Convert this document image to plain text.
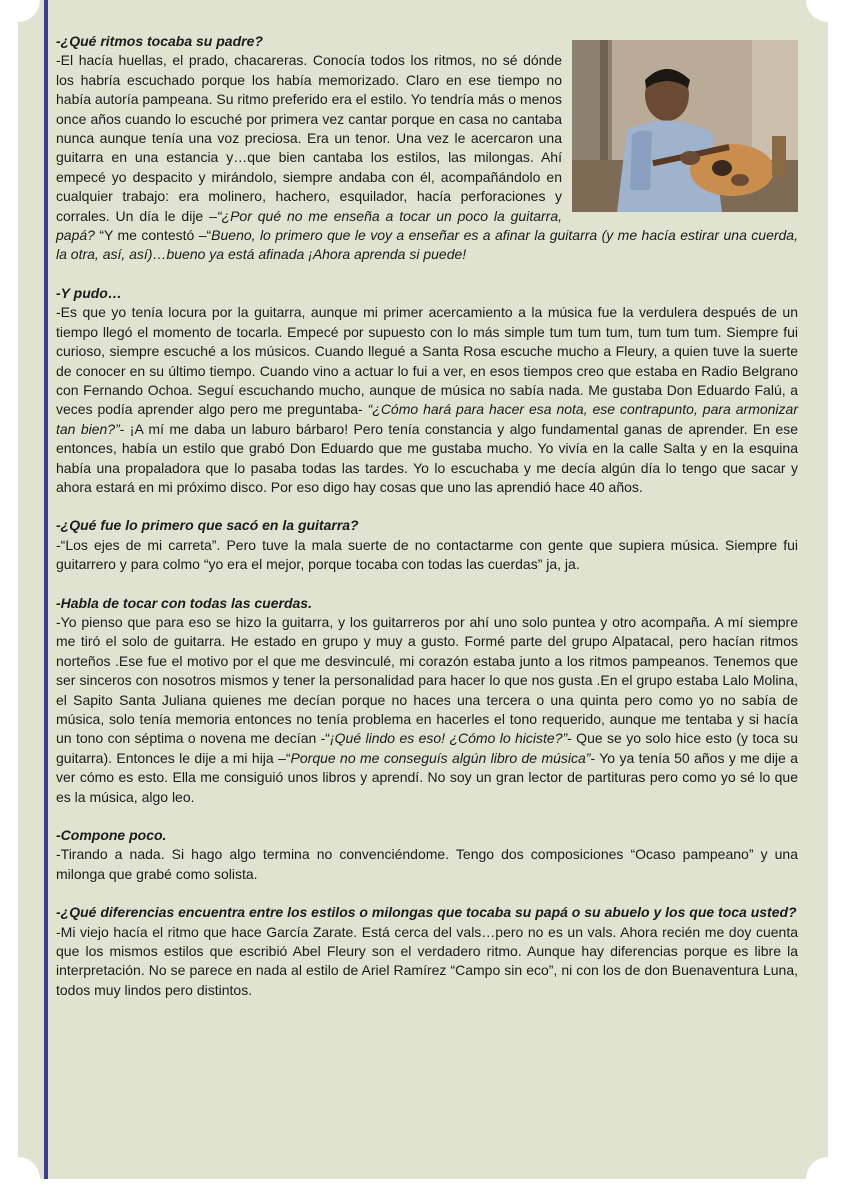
-¿Qué ritmos tocaba su padre?

-El hacía huellas, el prado, chacareras. Conocía todos los ritmos, no sé dónde los habría escuchado porque los había memorizado. Claro en ese tiempo no había autoría pampeana. Su ritmo preferido era el estilo. Yo tendría más o menos once años cuando lo escuché por primera vez cantar porque en casa no cantaba nunca aunque tenía una voz preciosa. Era un tenor. Una vez le acercaron una guitarra en una estancia y…que bien cantaba los estilos, las milongas. Ahí empecé yo despacito y mirándolo, siempre andaba con él, acompañándolo en cualquier trabajo: era molinero, hachero, esquilador, hacía perforaciones y corrales. Un día le dije –“¿Por qué no me enseña a tocar un poco la guitarra, papá? “Y me contestó –“Bueno, lo primero que le voy a enseñar es a afinar la guitarra (y me hacía estirar una cuerda, la otra, así, así)…bueno ya está afinada ¡Ahora aprenda si puede!

-Y pudo…

-Es que yo tenía locura por la guitarra, aunque mi primer acercamiento a la música fue la verdulera después de un tiempo llegó el momento de tocarla. Empecé por supuesto con lo más simple tum tum tum, tum tum tum. Siempre fui curioso, siempre escuché a los músicos. Cuando llegué a Santa Rosa escuche mucho a Fleury, a quien tuve la suerte de conocer en su último tiempo. Cuando vino a actuar lo fui a ver, en esos tiempos creo que estaba en Radio Belgrano con Fernando Ochoa. Seguí escuchando mucho, aunque de música no sabía nada. Me gustaba Don Eduardo Falú, a veces podía aprender algo pero me preguntaba- “¿Cómo hará para hacer esa nota, ese contrapunto, para armonizar tan bien?”- ¡A mí me daba un laburo bárbaro! Pero tenía constancia y algo fundamental ganas de aprender. En ese entonces, había un estilo que grabó Don Eduardo que me gustaba mucho. Yo vivía en la calle Salta y en la esquina había una propaladora que lo pasaba todas las tardes. Yo lo escuchaba y me decía algún día lo tengo que sacar y ahora estará en mi próximo disco. Por eso digo hay cosas que uno las aprendió hace 40 años.

-¿Qué fue lo primero que sacó en la guitarra?

-“Los ejes de mi carreta”. Pero tuve la mala suerte de no contactarme con gente que supiera música. Siempre fui guitarrero y para colmo “yo era el mejor, porque tocaba con todas las cuerdas” ja, ja.

-Habla de tocar con todas las cuerdas.

-Yo pienso que para eso se hizo la guitarra, y los guitarreros por ahí uno solo puntea y otro acompaña. A mí siempre me tiró el solo de guitarra. He estado en grupo y muy a gusto. Formé parte del grupo Alpatacal, pero hacían ritmos norteños .Ese fue el motivo por el que me desvinculé, mi corazón estaba junto a los ritmos pampeanos. Tenemos que ser sinceros con nosotros mismos y tener la personalidad para hacer lo que nos gusta .En el grupo estaba Lalo Molina, el Sapito Santa Juliana quienes me decían porque no haces una tercera o una quinta pero como yo no sabía de música, solo tenía memoria entonces no tenía problema en hacerles el tono requerido, aunque me tentaba y si hacía un tono con séptima o novena me decían -“¡Qué lindo es eso! ¿Cómo lo hiciste?”- Que se yo solo hice esto (y toca su guitarra). Entonces le dije a mi hija –“Porque no me conseguís algún libro de música”- Yo ya tenía 50 años y me dije a ver cómo es esto. Ella me consiguió unos libros y aprendí. No soy un gran lector de partituras pero como yo sé lo que es la música, algo leo.

-Compone poco.

-Tirando a nada. Si hago algo termina no convenciéndome. Tengo dos composiciones “Ocaso pampeano” y una milonga que grabé como solista.

-¿Qué diferencias encuentra entre los estilos o milongas que tocaba su papá o su abuelo y los que toca usted?

-Mi viejo hacía el ritmo que hace García Zarate. Está cerca del vals…pero no es un vals. Ahora recién me doy cuenta que los mismos estilos que escribió Abel Fleury son el verdadero ritmo. Aunque hay diferencias porque es libre la interpretación. No se parece en nada al estilo de Ariel Ramírez “Campo sin eco”, ni con los de don Buenaventura Luna, todos muy lindos pero distintos.
